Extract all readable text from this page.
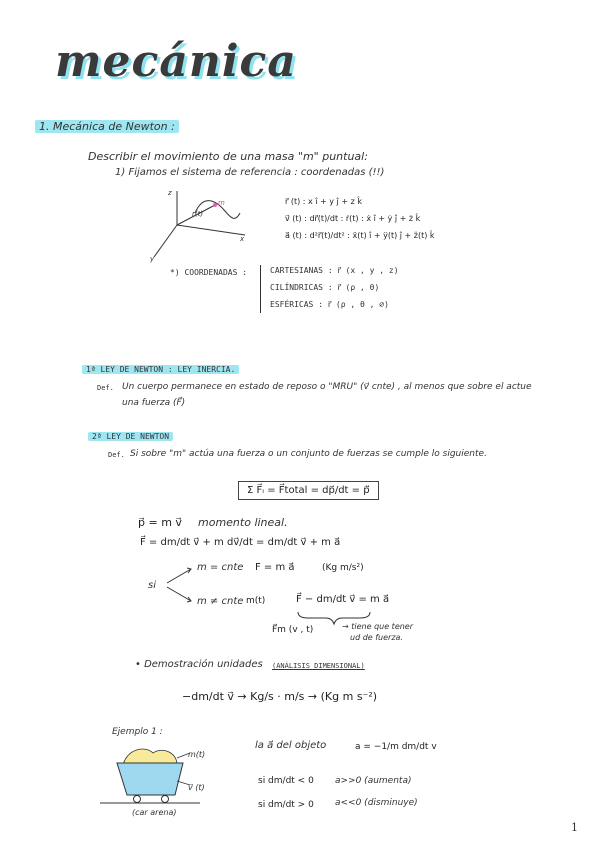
mecánica
1. Mecánica de Newton :
Describir el movimiento de una masa "m" puntual:
1) Fijamos el sistema de referencia : coordenadas (!!)
z
x
y
m
r(t)
r⃗ (t) : x î + y ĵ + z k̂
v⃗ (t) : dr⃗(t)/dt : ṙ(t) : ẋ î + ẏ ĵ + ż k̂
a⃗ (t) : d²r⃗(t)/dt² : ẍ(t) î + ÿ(t) ĵ + z̈(t) k̂
*) COORDENADAS :	CARTESIANAS : r⃗ (x , y , z)
CILÍNDRICAS : r⃗ (ρ , θ)
ESFÉRICAS : r⃗ (ρ , θ , ∅)
1ª LEY DE NEWTON : LEY INERCIA.
Def. Un cuerpo permanece en estado de reposo o "MRU" (v⃗ cnte) , al menos que sobre el actue
una fuerza (F⃗)
2ª LEY DE NEWTON
Def. Si sobre "m" actúa una fuerza o un conjunto de fuerzas se cumple lo siguiente.
Σ F⃗ᵢ = F⃗total = dp⃗/dt = ṗ⃗
p⃗ = m v⃗ momento lineal.
F⃗ = dm/dt v⃗ + m dv⃗/dt = dm/dt v⃗ + m a⃗
si
m = cnte F = m a⃗	(Kg m/s²)
m ≠ cnte m(t)	F⃗ − dm/dt v⃗ = m a⃗
F⃗m (v , t)	→ tiene que tener
ud de fuerza.
• Demostración unidades (ANÁLISIS DIMENSIONAL)
−dm/dt v⃗ → Kg/s · m/s → (Kg m s⁻²)
Ejemplo 1 :
m(t)
v⃗ (t)
(car arena)
la a⃗ del objeto	a = −1/m dm/dt v
si dm/dt < 0 a>>0 (aumenta)
si dm/dt > 0 a<<0 (disminuye)
1
